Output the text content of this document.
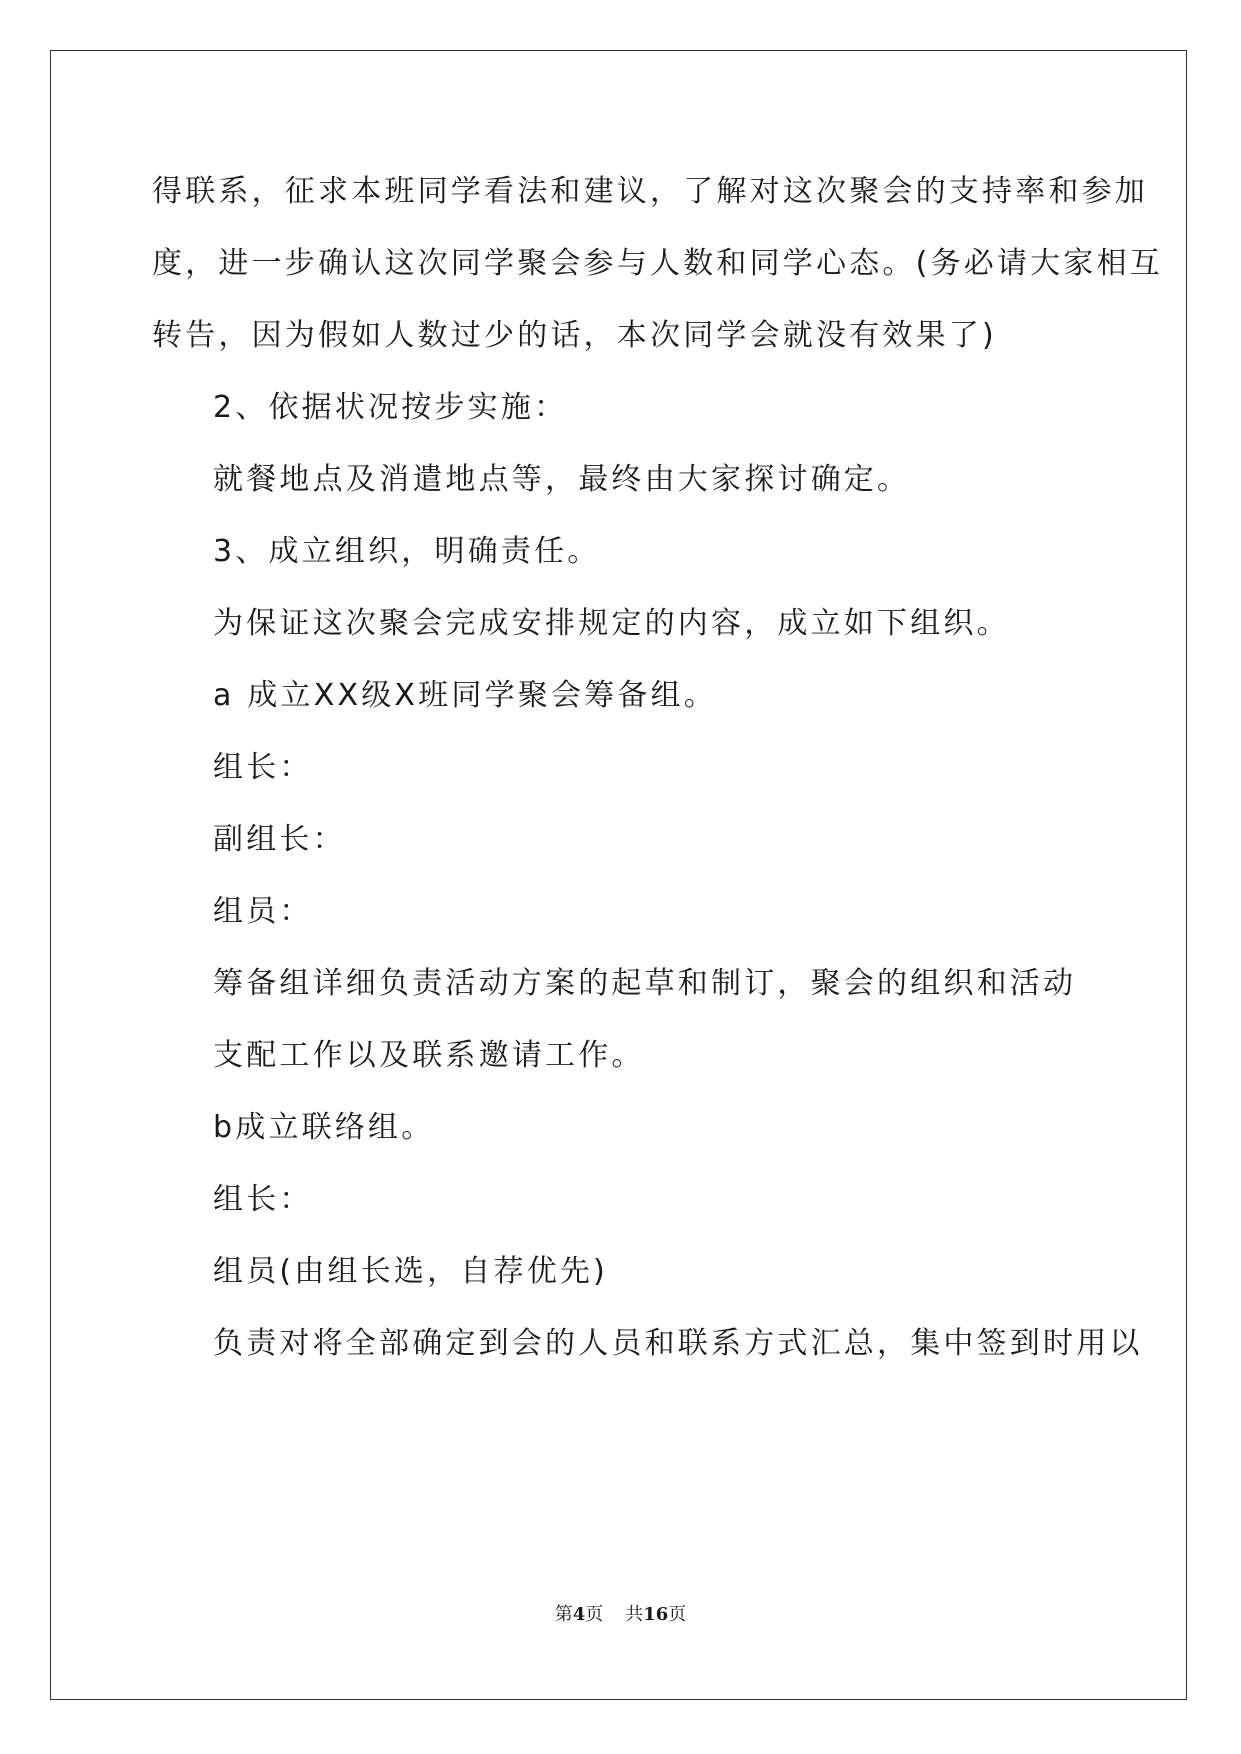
得联系，征求本班同学看法和建议，了解对这次聚会的支持率和参加
度，进一步确认这次同学聚会参与人数和同学心态。(务必请大家相互
转告，因为假如人数过少的话，本次同学会就没有效果了)
2、依据状况按步实施：
就餐地点及消遣地点等，最终由大家探讨确定。
3、成立组织，明确责任。
为保证这次聚会完成安排规定的内容，成立如下组织。
a 成立XX级X班同学聚会筹备组。
组长：
副组长：
组员：
筹备组详细负责活动方案的起草和制订，聚会的组织和活动
支配工作以及联系邀请工作。
b成立联络组。
组长：
组员(由组长选，自荐优先)
负责对将全部确定到会的人员和联系方式汇总，集中签到时用以
第4页 共16页
